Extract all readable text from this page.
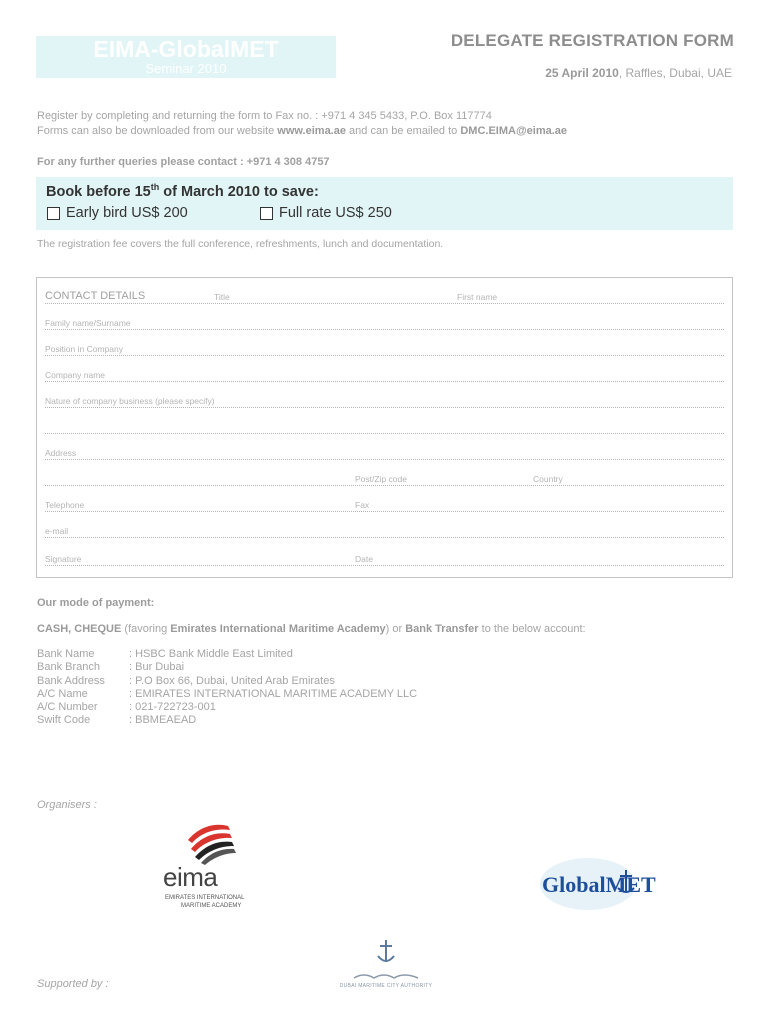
EIMA-GlobalMET
Seminar 2010
DELEGATE REGISTRATION FORM
25 April 2010, Raffles, Dubai, UAE
Register by completing and returning the form to Fax no. : +971 4 345 5433, P.O. Box 117774
Forms can also be downloaded from our website www.eima.ae and can be emailed to DMC.EIMA@eima.ae
For any further queries please contact : +971 4 308 4757
Book before 15th of March 2010 to save:
Early bird US$ 200	Full rate US$ 250
The registration fee covers the full conference, refreshments, lunch and documentation.
CONTACT DETAILS	Title	First name
Family name/Surname
Position in Company
Company name
Nature of company business (please specify)
Address
Post/Zip code	Country
Telephone	Fax
e-mail
Signature	Date
Our mode of payment:
CASH, CHEQUE (favoring Emirates International Maritime Academy) or Bank Transfer to the below account:
Bank Name	: HSBC Bank Middle East Limited
Bank Branch	: Bur Dubai
Bank Address	: P.O Box 66, Dubai, United Arab Emirates
A/C Name	: EMIRATES INTERNATIONAL MARITIME ACADEMY LLC
A/C Number	: 021-722723-001
Swift Code	: BBMEAEAD
Organisers :
eima
EMIRATES INTERNATIONAL
MARITIME ACADEMY
GlobalMET
DUBAI MARITIME CITY AUTHORITY
Supported by :
